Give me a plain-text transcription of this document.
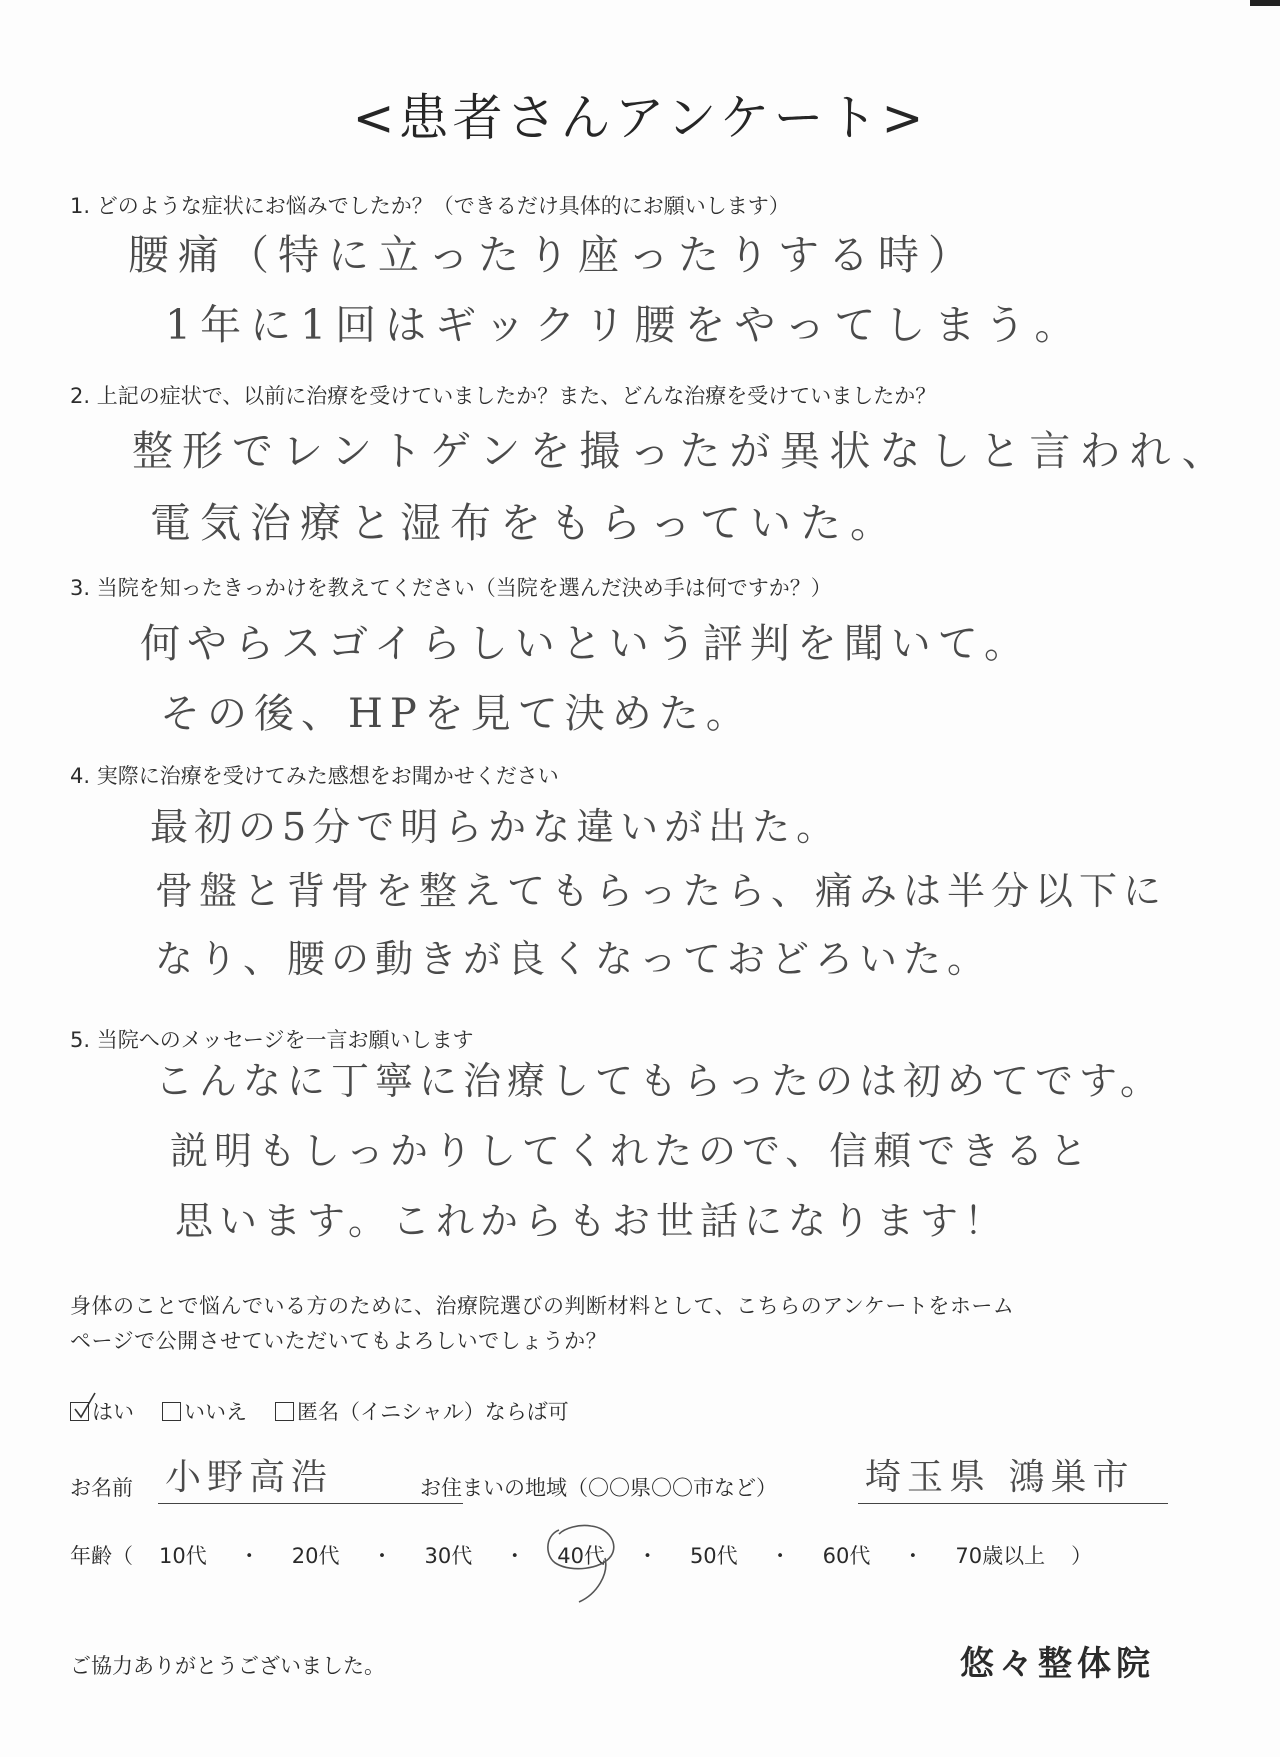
<患者さんアンケート>
1. どのような症状にお悩みでしたか？（できるだけ具体的にお願いします）
腰痛（特に立ったり座ったりする時）
1年に1回はギックリ腰をやってしまう。
2. 上記の症状で、以前に治療を受けていましたか？また、どんな治療を受けていましたか？
整形でレントゲンを撮ったが異状なしと言われ、
電気治療と湿布をもらっていた。
3. 当院を知ったきっかけを教えてください（当院を選んだ決め手は何ですか？）
何やらスゴイらしいという評判を聞いて。
その後、HPを見て決めた。
4. 実際に治療を受けてみた感想をお聞かせください
最初の5分で明らかな違いが出た。
骨盤と背骨を整えてもらったら、痛みは半分以下に
なり、腰の動きが良くなっておどろいた。
5. 当院へのメッセージを一言お願いします
こんなに丁寧に治療してもらったのは初めてです。
説明もしっかりしてくれたので、信頼できると
思います。これからもお世話になります！
身体のことで悩んでいる方のために、治療院選びの判断材料として、こちらのアンケートをホーム
ページで公開させていただいてもよろしいでしょうか？
はい いいえ 匿名（イニシャル）ならば可
お名前 小野高浩	お住まいの地域（〇〇県〇〇市など） 埼玉県 鴻巣市
年齢（ 10代 ・ 20代 ・ 30代 ・ 40代 ・ 50代 ・ 60代 ・ 70歳以上 ）
ご協力ありがとうございました。	悠々整体院
